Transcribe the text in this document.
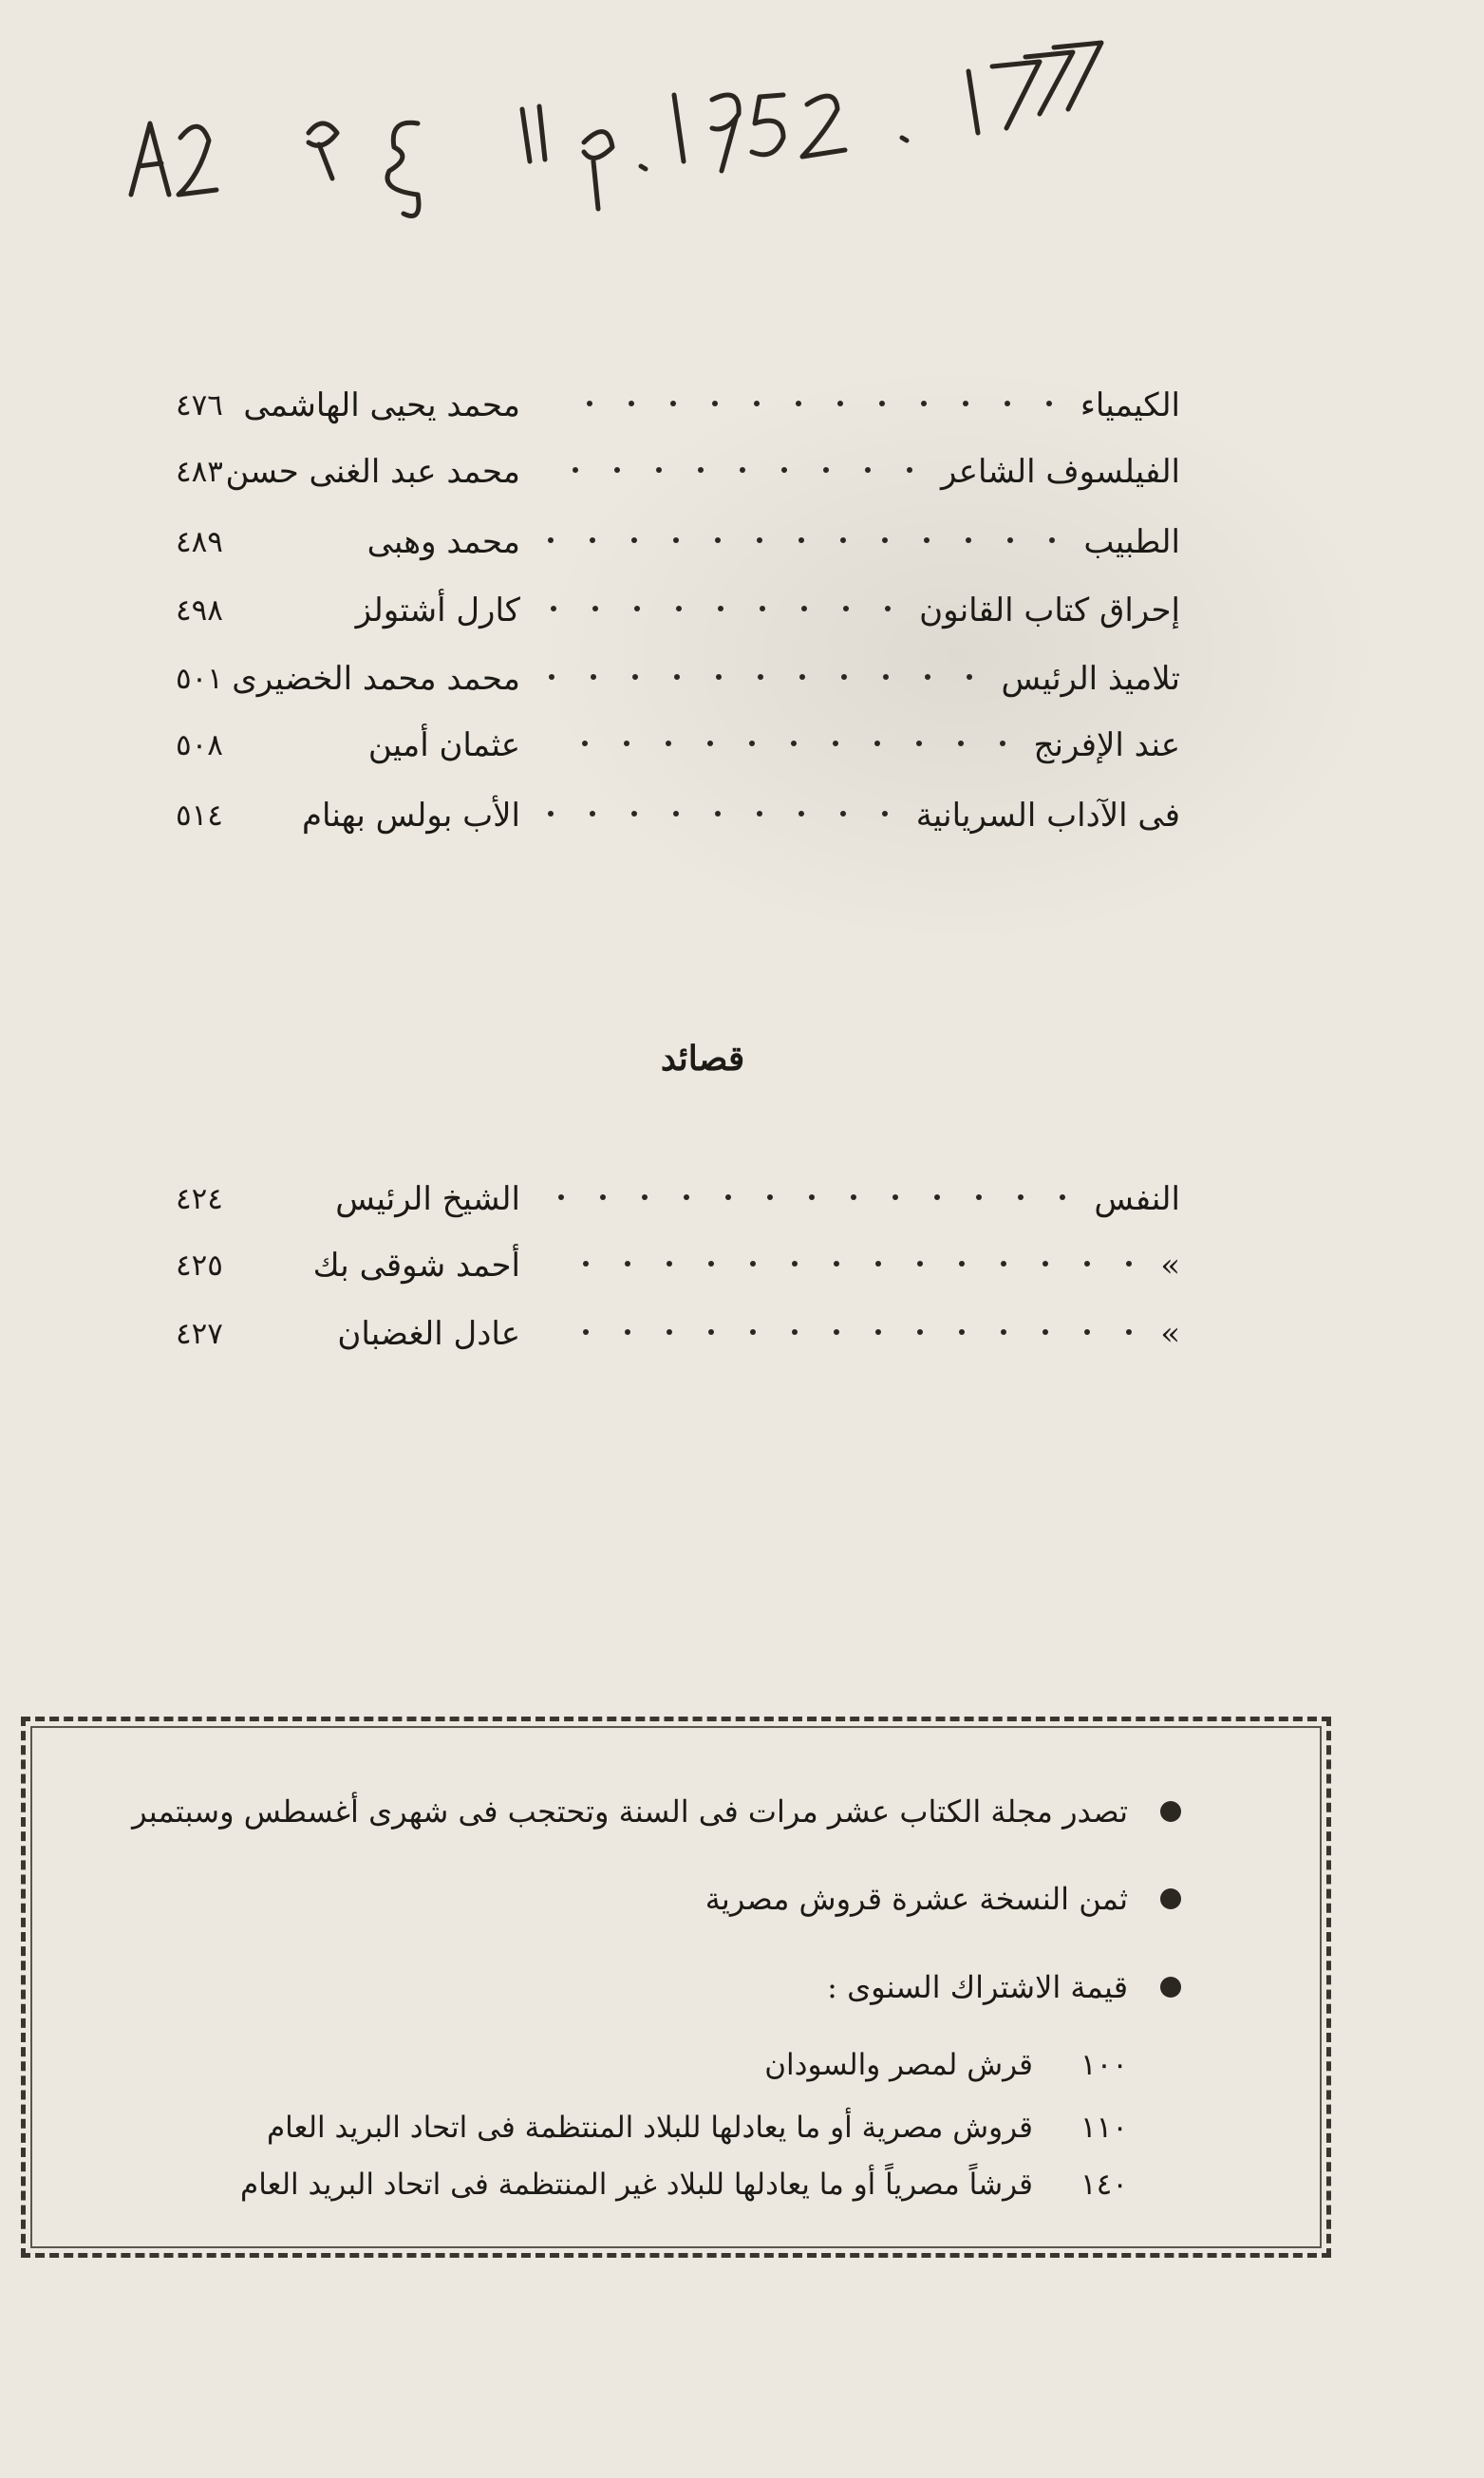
الكيمياء
محمد يحيى الهاشمى
٤٧٦
الفيلسوف الشاعر
محمد عبد الغنى حسن
٤٨٣
الطبيب
محمد وهبى
٤٨٩
إحراق كتاب القانون
كارل أشتولز
٤٩٨
تلاميذ الرئيس
محمد محمد الخضيرى
٥٠١
عند الإفرنج
عثمان أمين
٥٠٨
فى الآداب السريانية
الأب بولس بهنام
٥١٤
قصائد
النفس
الشيخ الرئيس
٤٢٤
«
أحمد شوقى بك
٤٢٥
«
عادل الغضبان
٤٢٧
تصدر مجلة الكتاب عشر مرات فى السنة وتحتجب فى شهرى أغسطس وسبتمبر
ثمن النسخة عشرة قروش مصرية
قيمة الاشتراك السنوى :
١٠٠
قرش لمصر والسودان
١١٠
قروش مصرية أو ما يعادلها للبلاد المنتظمة فى اتحاد البريد العام
١٤٠
قرشاً مصرياً أو ما يعادلها للبلاد غير المنتظمة فى اتحاد البريد العام
